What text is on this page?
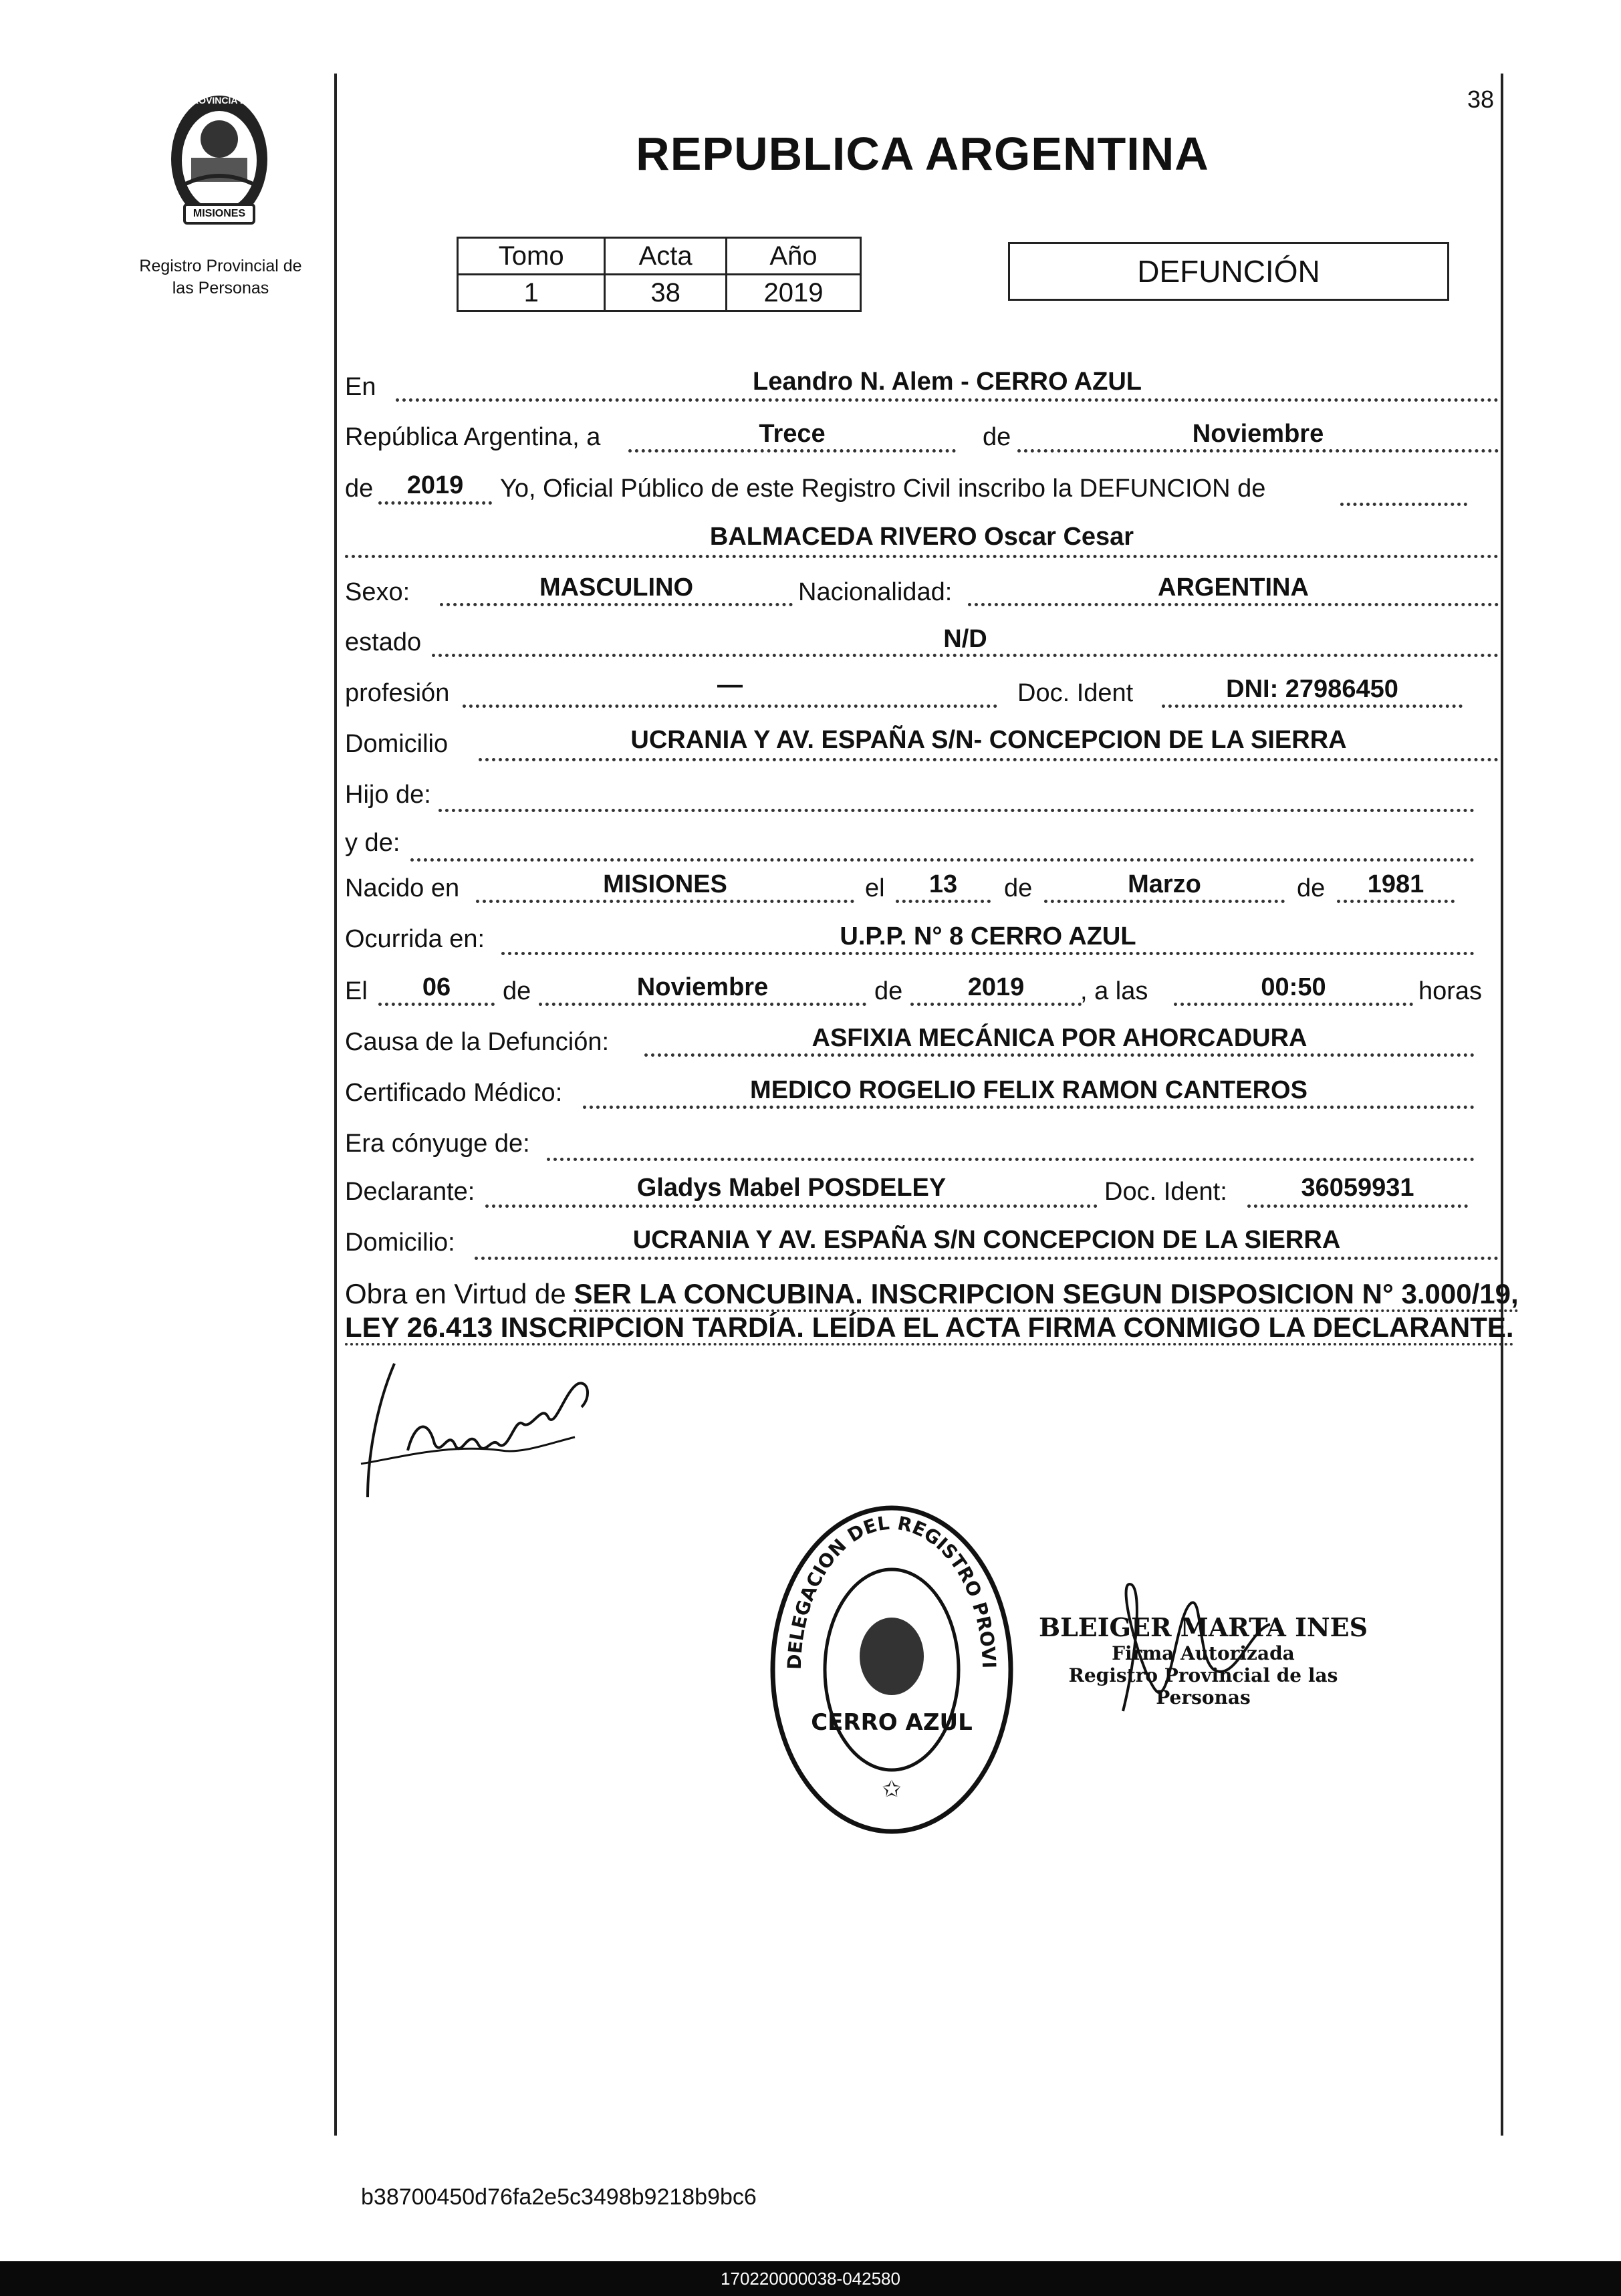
38
PROVINCIA DE
MISIONES
Registro Provincial de
las Personas
REPUBLICA ARGENTINA
Tomo	Acta	Año
1	38	2019
DEFUNCIÓN
En	Leandro N. Alem - CERRO AZUL
República Argentina, a	Trece	de	Noviembre
de	2019	Yo, Oficial Público de este Registro Civil inscribo la DEFUNCION de
BALMACEDA RIVERO Oscar Cesar
Sexo:	MASCULINO	Nacionalidad:	ARGENTINA
estado	N/D
profesión	—	Doc. Ident	DNI: 27986450
Domicilio	UCRANIA Y AV. ESPAÑA S/N- CONCEPCION DE LA SIERRA
Hijo de:
y de:
Nacido en	MISIONES	el	13	de	Marzo	de	1981
Ocurrida en:	U.P.P. N° 8 CERRO AZUL
El	06	de	Noviembre	de	2019	, a las	00:50	horas
Causa de la Defunción:	ASFIXIA MECÁNICA POR AHORCADURA
Certificado Médico:	MEDICO ROGELIO FELIX RAMON CANTEROS
Era cónyuge de:
Declarante:	Gladys Mabel POSDELEY	Doc. Ident:	36059931
Domicilio:	UCRANIA Y AV. ESPAÑA S/N CONCEPCION DE LA SIERRA
Obra en Virtud de SER LA CONCUBINA. INSCRIPCION SEGUN DISPOSICION N° 3.000/19,
LEY 26.413 INSCRIPCION TARDÍA. LEÍDA EL ACTA FIRMA CONMIGO LA DECLARANTE.
DELEGACION DEL REGISTRO PROVI
CERRO AZUL
✩
BLEIGER MARTA INES
Firma Autorizada
Registro Provincial de las Personas
b38700450d76fa2e5c3498b9218b9bc6
170220000038-042580
